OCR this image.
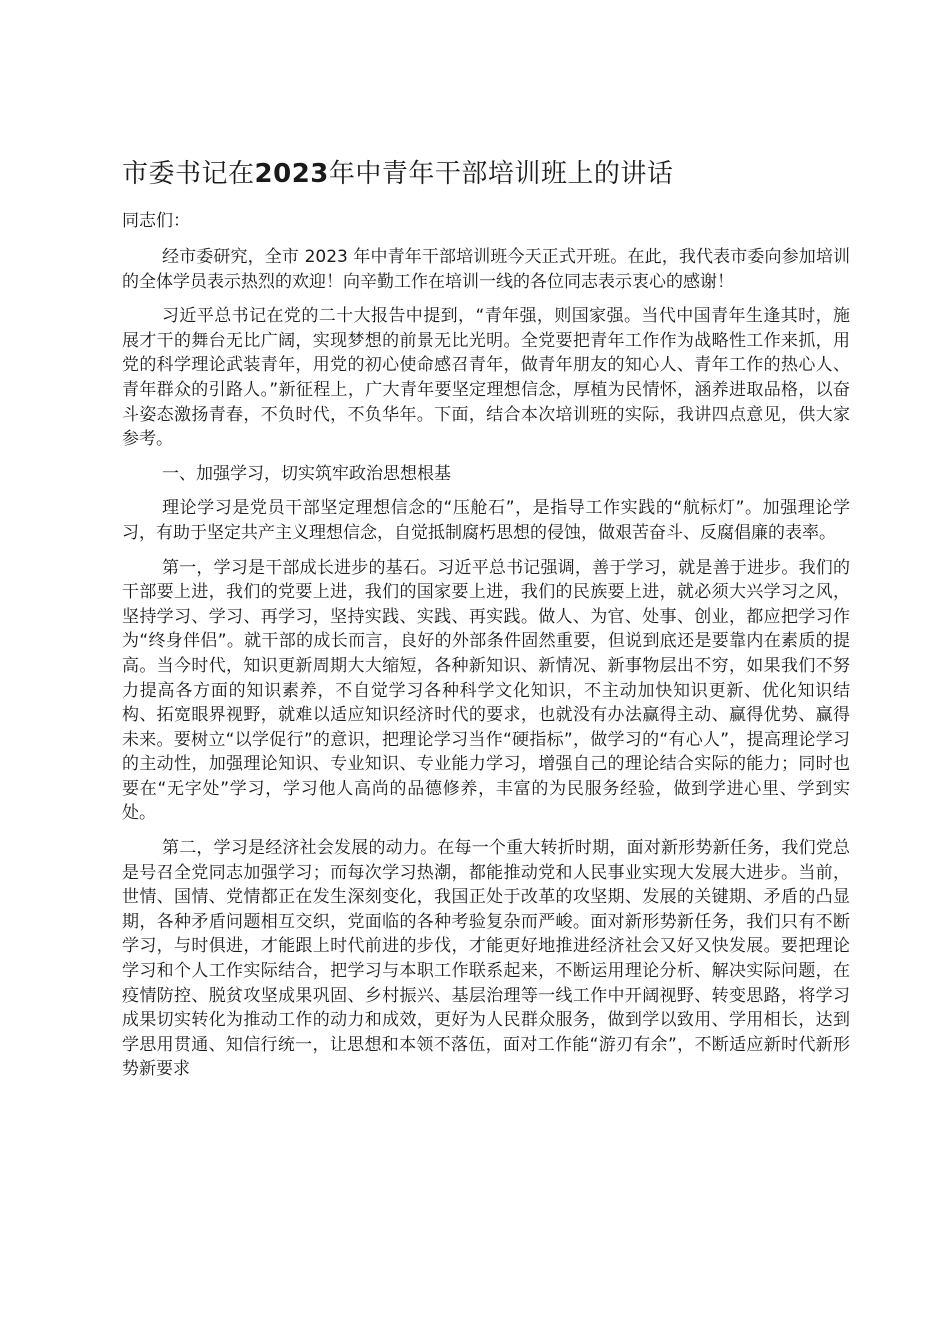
市委书记在2023年中青年干部培训班上的讲话

同志们：

经市委研究，全市 2023 年中青年干部培训班今天正式开班。在此，我代表市委向参加培训的全体学员表示热烈的欢迎！向辛勤工作在培训一线的各位同志表示衷心的感谢！

习近平总书记在党的二十大报告中提到，“青年强，则国家强。当代中国青年生逢其时，施展才干的舞台无比广阔，实现梦想的前景无比光明。全党要把青年工作作为战略性工作来抓，用党的科学理论武装青年，用党的初心使命感召青年，做青年朋友的知心人、青年工作的热心人、青年群众的引路人。”新征程上，广大青年要坚定理想信念，厚植为民情怀，涵养进取品格，以奋斗姿态激扬青春，不负时代，不负华年。下面，结合本次培训班的实际，我讲四点意见，供大家参考。

一、加强学习，切实筑牢政治思想根基

理论学习是党员干部坚定理想信念的“压舱石”，是指导工作实践的“航标灯”。加强理论学习，有助于坚定共产主义理想信念，自觉抵制腐朽思想的侵蚀，做艰苦奋斗、反腐倡廉的表率。

第一，学习是干部成长进步的基石。习近平总书记强调，善于学习，就是善于进步。我们的干部要上进，我们的党要上进，我们的国家要上进，我们的民族要上进，就必须大兴学习之风，坚持学习、学习、再学习，坚持实践、实践、再实践。做人、为官、处事、创业，都应把学习作为“终身伴侣”。就干部的成长而言，良好的外部条件固然重要，但说到底还是要靠内在素质的提高。当今时代，知识更新周期大大缩短，各种新知识、新情况、新事物层出不穷，如果我们不努力提高各方面的知识素养，不自觉学习各种科学文化知识，不主动加快知识更新、优化知识结构、拓宽眼界视野，就难以适应知识经济时代的要求，也就没有办法赢得主动、赢得优势、赢得未来。要树立“以学促行”的意识，把理论学习当作“硬指标”，做学习的“有心人”，提高理论学习的主动性，加强理论知识、专业知识、专业能力学习，增强自己的理论结合实际的能力；同时也要在“无字处”学习，学习他人高尚的品德修养，丰富的为民服务经验，做到学进心里、学到实处。

第二，学习是经济社会发展的动力。在每一个重大转折时期，面对新形势新任务，我们党总是号召全党同志加强学习；而每次学习热潮，都能推动党和人民事业实现大发展大进步。当前，世情、国情、党情都正在发生深刻变化，我国正处于改革的攻坚期、发展的关键期、矛盾的凸显期，各种矛盾问题相互交织，党面临的各种考验复杂而严峻。面对新形势新任务，我们只有不断学习，与时俱进，才能跟上时代前进的步伐，才能更好地推进经济社会又好又快发展。要把理论学习和个人工作实际结合，把学习与本职工作联系起来，不断运用理论分析、解决实际问题，在疫情防控、脱贫攻坚成果巩固、乡村振兴、基层治理等一线工作中开阔视野、转变思路，将学习成果切实转化为推动工作的动力和成效，更好为人民群众服务，做到学以致用、学用相长，达到学思用贯通、知信行统一，让思想和本领不落伍，面对工作能“游刃有余”，不断适应新时代新形势新要求
